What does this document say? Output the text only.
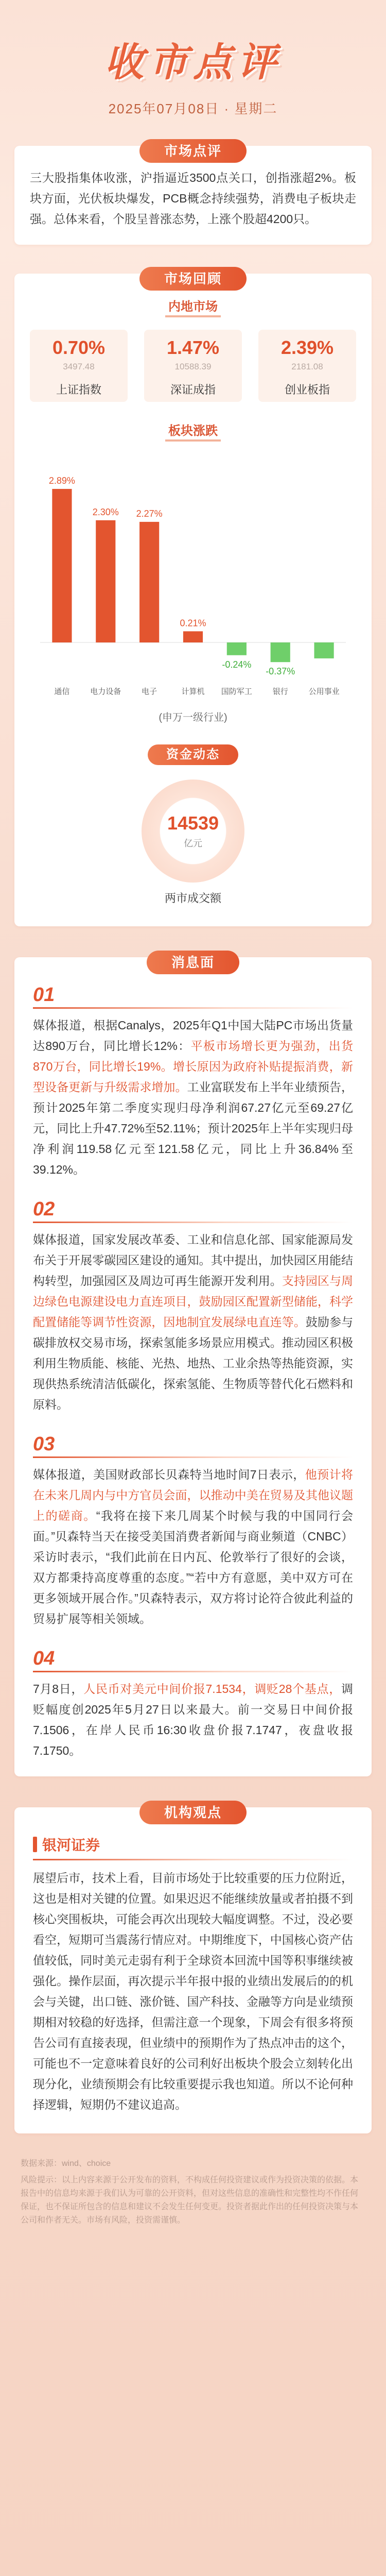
收市点评
2025年07月08日 · 星期二
市场点评

三大股指集体收涨，沪指逼近3500点关口，创指涨超2%。板块方面，光伏板块爆发，PCB概念持续强势，消费电子板块走强。总体来看，个股呈普涨态势，上涨个股超4200只。

市场回顾
内地市场
0.70%
3497.48
上证指数
1.47%
10588.39
深证成指
2.39%
2181.08
创业板指
板块涨跌
2.89%
通信
2.30%
电力设备
2.27%
电子
0.21%
计算机
-0.24%
国防军工
-0.37%
银行	公用事业
(申万一级行业)
资金动态
14539
亿元
两市成交额
消息面
01

媒体报道，根据Canalys，2025年Q1中国大陆PC市场出货量达890万台，同比增长12%：平板市场增长更为强劲，出货870万台，同比增长19%。增长原因为政府补贴提振消费，新型设备更新与升级需求增加。工业富联发布上半年业绩预告，预计2025年第二季度实现归母净利润67.27亿元至69.27亿元，同比上升47.72%至52.11%；预计2025年上半年实现归母净利润119.58亿元至121.58亿元，同比上升36.84%至39.12%。

02

媒体报道，国家发展改革委、工业和信息化部、国家能源局发布关于开展零碳园区建设的通知。其中提出，加快园区用能结构转型，加强园区及周边可再生能源开发利用。支持园区与周边绿色电源建设电力直连项目，鼓励园区配置新型储能，科学配置储能等调节性资源，因地制宜发展绿电直连等。鼓励参与碳排放权交易市场，探索氢能多场景应用模式。推动园区积极利用生物质能、核能、光热、地热、工业余热等热能资源，实现供热系统清洁低碳化，探索氢能、生物质等替代化石燃料和原料。

03

媒体报道，美国财政部长贝森特当地时间7日表示，他预计将在未来几周内与中方官员会面，以推动中美在贸易及其他议题上的磋商。“我将在接下来几周某个时候与我的中国同行会面。”贝森特当天在接受美国消费者新闻与商业频道（CNBC）采访时表示，“我们此前在日内瓦、伦敦举行了很好的会谈，双方都秉持高度尊重的态度。”“若中方有意愿，美中双方可在更多领域开展合作。”贝森特表示，双方将讨论符合彼此利益的贸易扩展等相关领域。

04

7月8日，人民币对美元中间价报7.1534，调贬28个基点，调贬幅度创2025年5月27日以来最大。前一交易日中间价报7.1506，在岸人民币16:30收盘价报7.1747，夜盘收报7.1750。

机构观点
银河证券

展望后市，技术上看，目前市场处于比较重要的压力位附近，这也是相对关键的位置。如果迟迟不能继续放量或者拍摄不到核心突围板块，可能会再次出现较大幅度调整。不过，没必要看空，短期可当震荡行情应对。中期维度下，中国核心资产估值较低，同时美元走弱有利于全球资本回流中国等积事继续被强化。操作层面，再次提示半年报中报的业绩出发展后的的机会与关键，出口链、涨价链、国产科技、金融等方向是业绩预期相对较稳的好选择，但需注意一个现象，下周会有很多将预告公司有直接表现，但业绩中的预期作为了热点冲击的这个，可能也不一定意味着良好的公司利好出板块个股会立刻转化出现分化，业绩预期会有比较重要提示我也知道。所以不论何种择逻辑，短期仍不建议追高。

数据来源：wind、choice

风险提示：以上内容来源于公开发布的资料，不构成任何投资建议或作为投资决策的依据。本报告中的信息均来源于我们认为可靠的公开资料，但对这些信息的准确性和完整性均不作任何保证，也不保证所包含的信息和建议不会发生任何变更。投资者据此作出的任何投资决策与本公司和作者无关。市场有风险，投资需谨慎。
